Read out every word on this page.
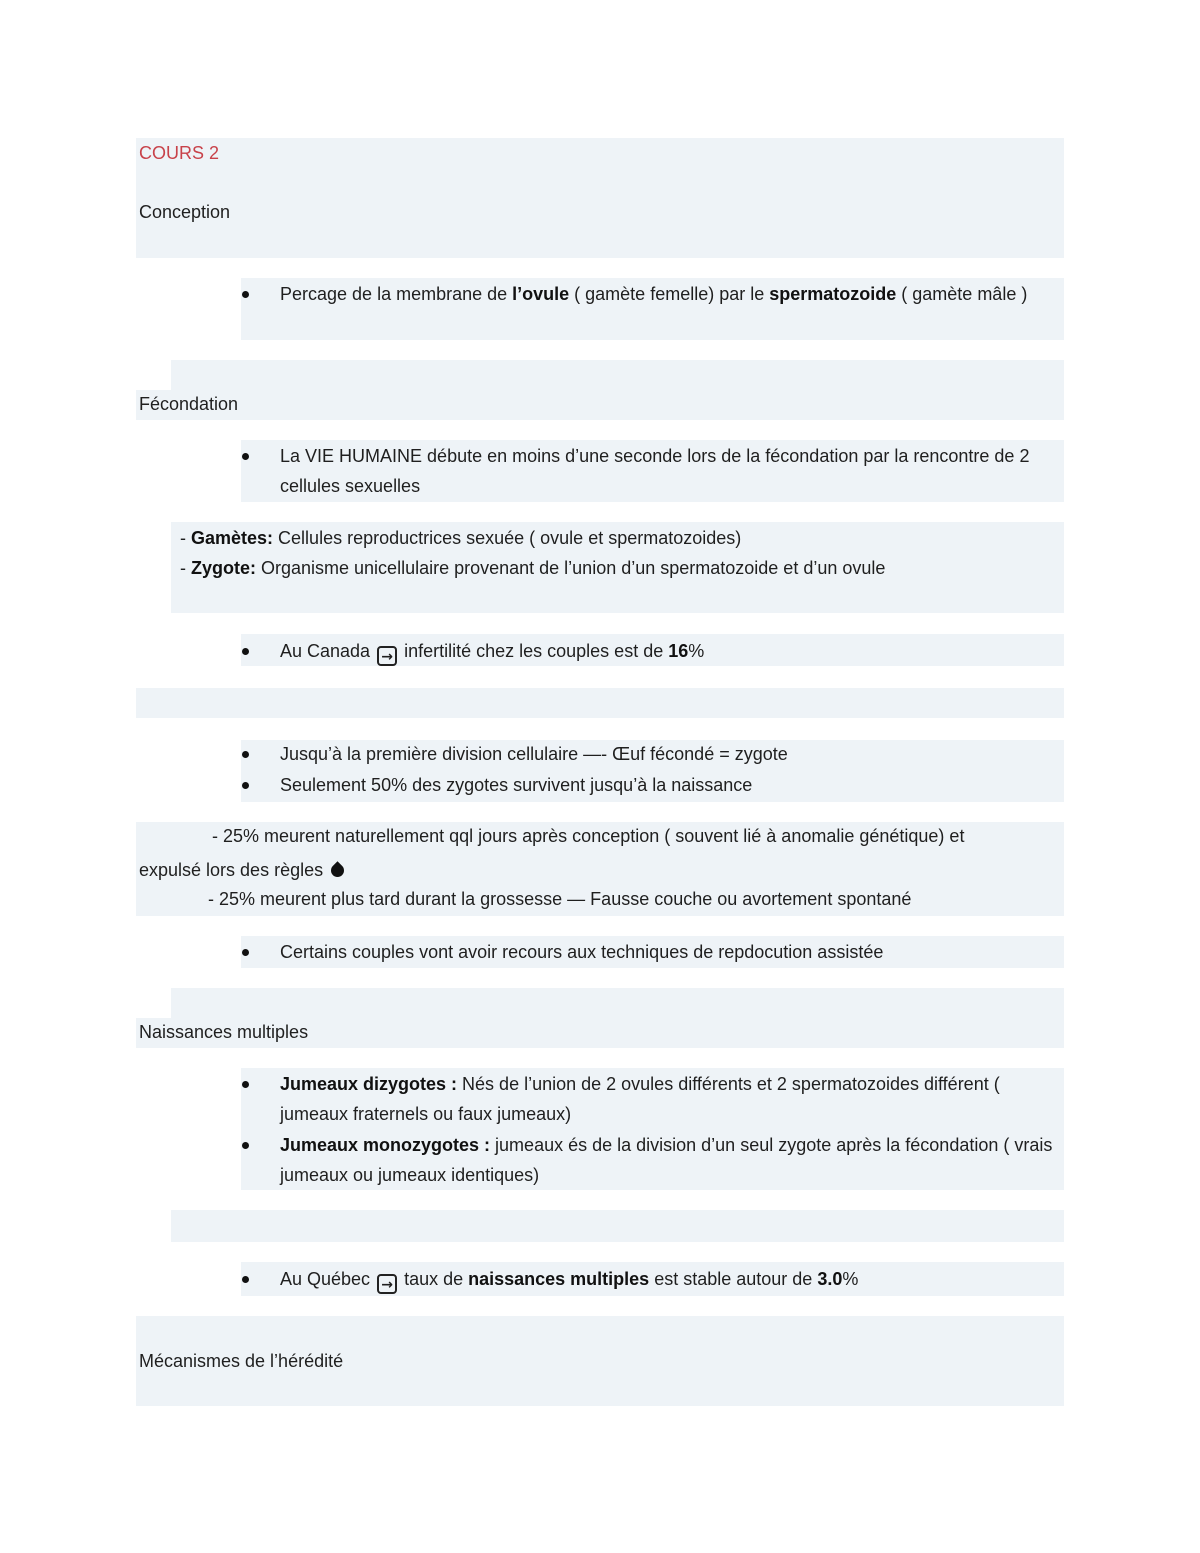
COURS 2
Conception
Percage de la membrane de l’ovule ( gamète femelle) par le spermatozoide ( gamète mâle )
Fécondation
La VIE HUMAINE débute en moins d’une seconde lors de la fécondation par la rencontre de 2 cellules sexuelles
- Gamètes: Cellules reproductrices sexuée ( ovule et spermatozoides)
- Zygote: Organisme unicellulaire provenant de l’union d’un spermatozoide et d’un ovule
Au Canada → infertilité chez les couples est de 16%
Jusqu’à la première division cellulaire —- Œuf fécondé = zygote
Seulement 50% des zygotes survivent jusqu’à la naissance
- 25% meurent naturellement qql jours après conception ( souvent lié à anomalie génétique) et
expulsé lors des règles
- 25% meurent plus tard durant la grossesse — Fausse couche ou avortement spontané
Certains couples vont avoir recours aux techniques de repdocution assistée
Naissances multiples
Jumeaux dizygotes : Nés de l’union de 2 ovules différents et 2 spermatozoides différent ( jumeaux fraternels ou faux jumeaux)
Jumeaux monozygotes : jumeaux és de la division d’un seul zygote après la fécondation ( vrais jumeaux ou jumeaux identiques)
Au Québec → taux de naissances multiples est stable autour de 3.0%
Mécanismes de l’hérédité
